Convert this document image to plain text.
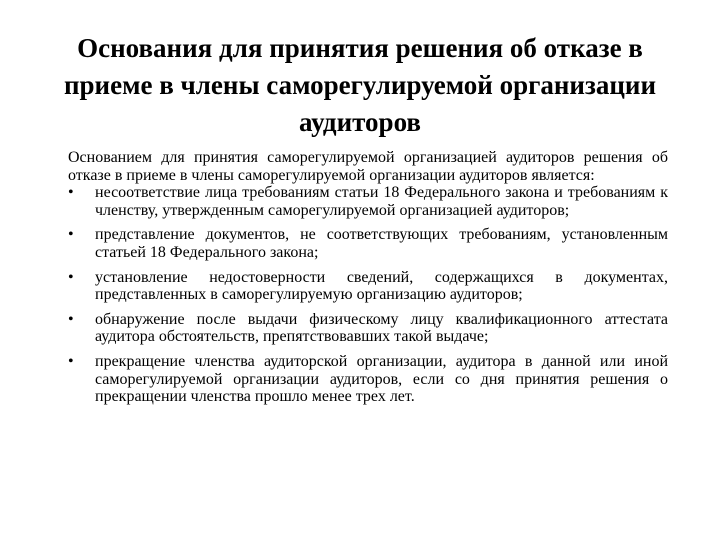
Основания для принятия решения об отказе в приеме в члены саморегулируемой организации аудиторов

Основанием для принятия саморегулируемой организацией аудиторов решения об отказе в приеме в члены саморегулируемой организации аудиторов является:

•	несоответствие лица требованиям статьи 18 Федерального закона и требованиям к членству, утвержденным саморегулируемой организацией аудиторов;
•	представление документов, не соответствующих требованиям, установленным статьей 18 Федерального закона;
•	установление недостоверности сведений, содержащихся в документах, представленных в саморегулируемую организацию аудиторов;
•	обнаружение после выдачи физическому лицу квалификационного аттестата аудитора обстоятельств, препятствовавших такой выдаче;
•	прекращение членства аудиторской организации, аудитора в данной или иной саморегулируемой организации аудиторов, если со дня принятия решения о прекращении членства прошло менее трех лет.
